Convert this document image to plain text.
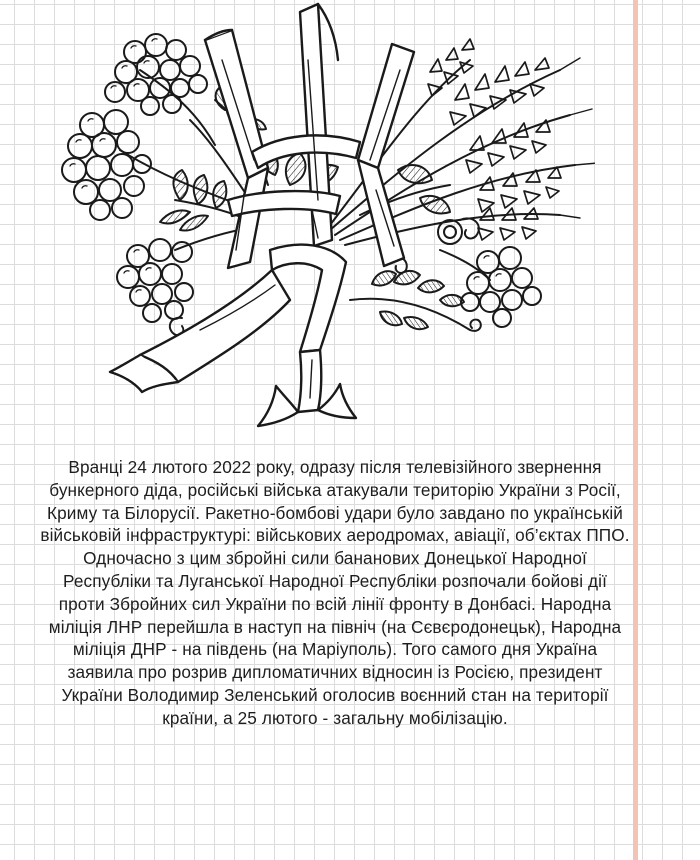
Вранці 24 лютого 2022 року, одразу після телевізійного звернення бункерного діда, російські війська атакували територію України з Росії, Криму та Білорусії. Ракетно-бомбові удари було завдано по українській військовій інфраструктурі: військових аеродромах, авіації, об’єктах ППО. Одночасно з цим збройні сили бананових Донецької Народної Республіки та Луганської Народної Республіки розпочали бойові дії проти Збройних сил України по всій лінії фронту в Донбасі. Народна міліція ЛНР перейшла в наступ на північ (на Сєвєродонецьк), Народна міліція ДНР - на південь (на Маріуполь). Того самого дня Україна заявила про розрив дипломатичних відносин із Росією, президент України Володимир Зеленський оголосив воєнний стан на території країни, а 25 лютого - загальну мобілізацію.
